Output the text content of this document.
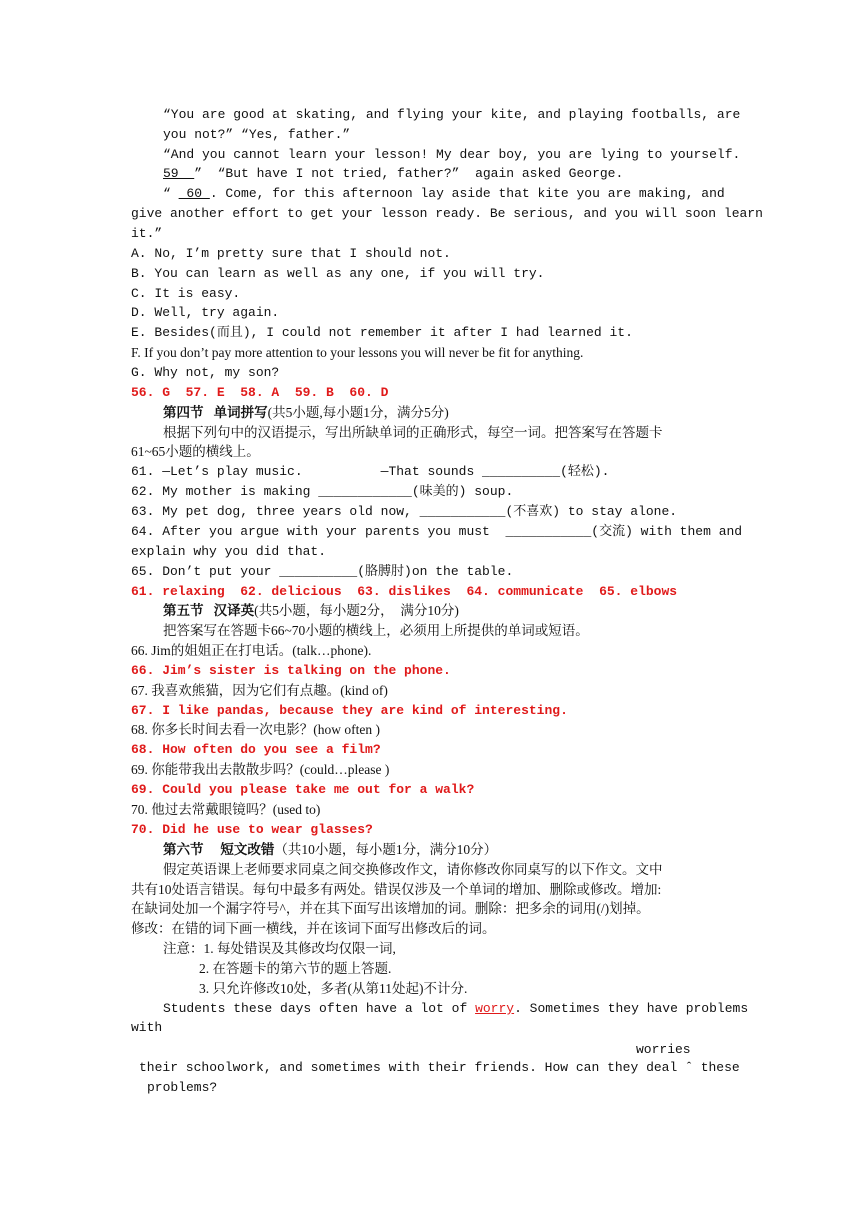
“You are good at skating, and flying your kite, and playing footballs, are
you not?” “Yes, father.”
“And you cannot learn your lesson! My dear boy, you are lying to yourself.
59  ”  “But have I not tried, father?”  again asked George.
“  60 . Come, for this afternoon lay aside that kite you are making, and
give another effort to get your lesson ready. Be serious, and you will soon learn
it.”
A. No, I’m pretty sure that I should not.
B. You can learn as well as any one, if you will try.
C. It is easy.
D. Well, try again.
E. Besides(而且), I could not remember it after I had learned it.
F. If you don’t pay more attention to your lessons you will never be fit for anything.
G. Why not, my son?
56. G  57. E  58. A  59. B  60. D
第四节   单词拼写(共5小题,每小题1分，满分5分)
根据下列句中的汉语提示，写出所缺单词的正确形式，每空一词。把答案写在答题卡
61~65小题的横线上。
61. —Let’s play music.          —That sounds __________(轻松).
62. My mother is making ____________(味美的) soup.
63. My pet dog, three years old now, ___________(不喜欢) to stay alone.
64. After you argue with your parents you must  ___________(交流) with them and
explain why you did that.
65. Don’t put your __________(胳膊肘)on the table.
61. relaxing  62. delicious  63. dislikes  64. communicate  65. elbows
第五节   汉译英(共5小题，每小题2分，  满分10分)
把答案写在答题卡66~70小题的横线上，必须用上所提供的单词或短语。
66. Jim的姐姐正在打电话。(talk…phone).
66. Jim’s sister is talking on the phone.
67. 我喜欢熊猫，因为它们有点趣。(kind of)
67. I like pandas, because they are kind of interesting.
68. 你多长时间去看一次电影？(how often )
68. How often do you see a film?
69. 你能带我出去散散步吗？(could…please )
69. Could you please take me out for a walk?
70. 他过去常戴眼镜吗？(used to)
70. Did he use to wear glasses?
第六节     短文改错（共10小题，每小题1分，满分10分）
假定英语课上老师要求同桌之间交换修改作文，请你修改你同桌写的以下作文。文中
共有10处语言错误。每句中最多有两处。错误仅涉及一个单词的增加、删除或修改。增加:
在缺词处加一个漏字符号^，并在其下面写出该增加的词。删除：把多余的词用(/)划掉。
修改：在错的词下画一横线，并在该词下面写出修改后的词。
注意：1. 每处错误及其修改均仅限一词,
2. 在答题卡的第六节的题上答题.
3. 只允许修改10处，多者(从第11处起)不计分.
Students these days often have a lot of worry. Sometimes they have problems
with
worries
their schoolwork, and sometimes with their friends. How can they deal ˆ these
problems?
